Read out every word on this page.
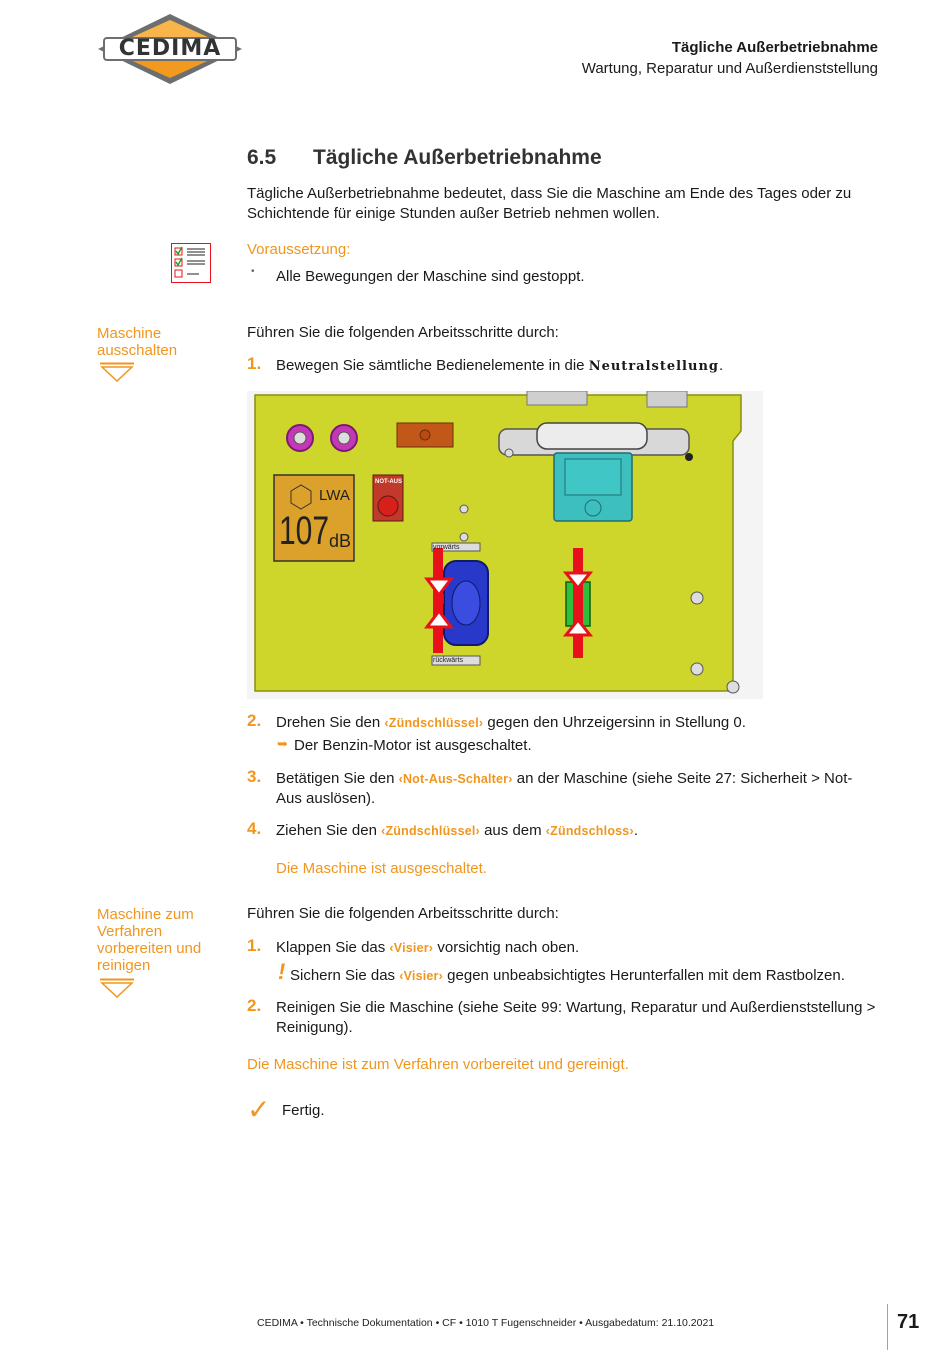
CEDIMA	Tägliche Außerbetriebnahme
Wartung, Reparatur und Außerdienststellung
6.5 Tägliche Außerbetriebnahme
Tägliche Außerbetriebnahme bedeutet, dass Sie die Maschine am Ende des Tages oder zu Schichtende für einige Stunden außer Betrieb nehmen wollen.
Voraussetzung:
• Alle Bewegungen der Maschine sind gestoppt.
Maschine ausschalten
Führen Sie die folgenden Arbeitsschritte durch:
1. Bewegen Sie sämtliche Bedienelemente in die Neutralstellung.
LWA
107 dB
NOT-AUS
vorwärts
rückwärts
N
2. Drehen Sie den ‹Zündschlüssel› gegen den Uhrzeigersinn in Stellung 0.
➥ Der Benzin-Motor ist ausgeschaltet.
3. Betätigen Sie den ‹Not-Aus-Schalter› an der Maschine (siehe Seite 27: Sicherheit > Not-Aus auslösen).
4. Ziehen Sie den ‹Zündschlüssel› aus dem ‹Zündschloss›.
Die Maschine ist ausgeschaltet.
Maschine zum Verfahren vorbereiten und reinigen
Führen Sie die folgenden Arbeitsschritte durch:
1. Klappen Sie das ‹Visier› vorsichtig nach oben.
! Sichern Sie das ‹Visier› gegen unbeabsichtigtes Herunterfallen mit dem Rastbolzen.
2. Reinigen Sie die Maschine (siehe Seite 99: Wartung, Reparatur und Außerdienststellung > Reinigung).
Die Maschine ist zum Verfahren vorbereitet und gereinigt.
✓ Fertig.
CEDIMA • Technische Dokumentation • CF • 1010 T Fugenschneider • Ausgabedatum: 21.10.2021	71
